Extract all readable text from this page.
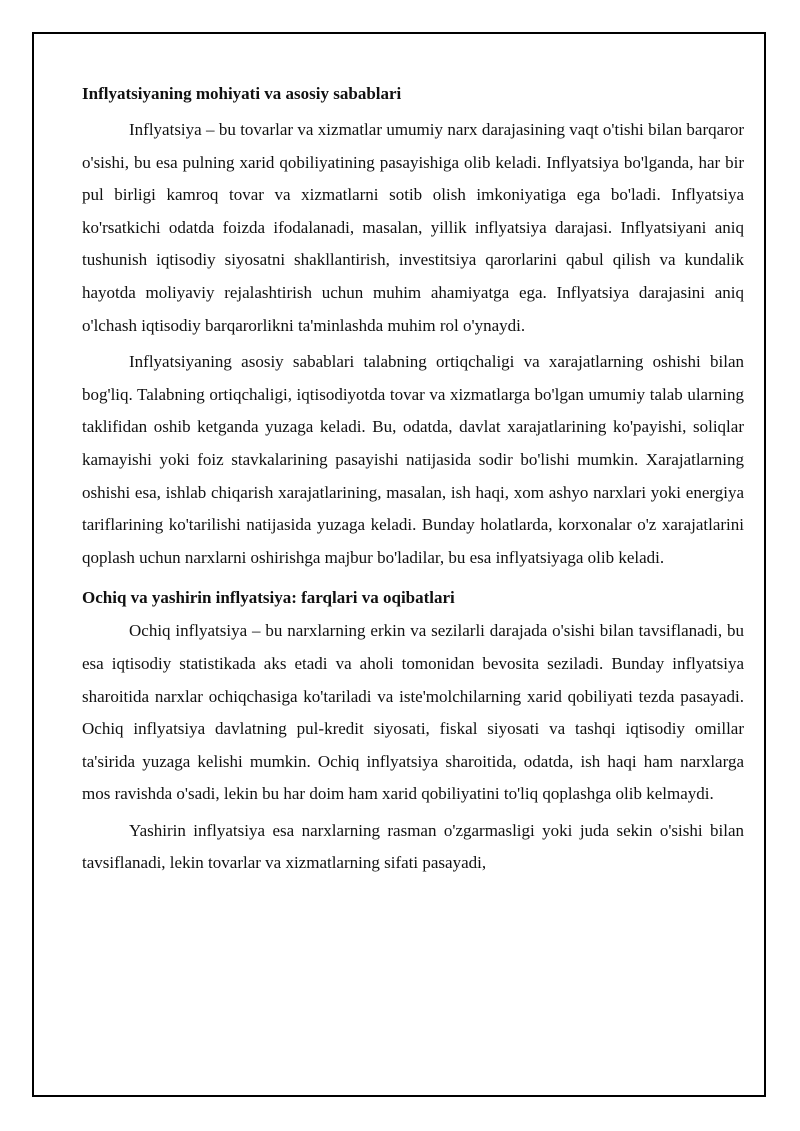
Inflyatsiyaning mohiyati va asosiy sabablari

Inflyatsiya – bu tovarlar va xizmatlar umumiy narx darajasining vaqt o'tishi bilan barqaror o'sishi, bu esa pulning xarid qobiliyatining pasayishiga olib keladi. Inflyatsiya bo'lganda, har bir pul birligi kamroq tovar va xizmatlarni sotib olish imkoniyatiga ega bo'ladi. Inflyatsiya ko'rsatkichi odatda foizda ifodalanadi, masalan, yillik inflyatsiya darajasi. Inflyatsiyani aniq tushunish iqtisodiy siyosatni shakllantirish, investitsiya qarorlarini qabul qilish va kundalik hayotda moliyaviy rejalashtirish uchun muhim ahamiyatga ega. Inflyatsiya darajasini aniq o'lchash iqtisodiy barqarorlikni ta'minlashda muhim rol o'ynaydi.

Inflyatsiyaning asosiy sabablari talabning ortiqchaligi va xarajatlarning oshishi bilan bog'liq. Talabning ortiqchaligi, iqtisodiyotda tovar va xizmatlarga bo'lgan umumiy talab ularning taklifidan oshib ketganda yuzaga keladi. Bu, odatda, davlat xarajatlarining ko'payishi, soliqlar kamayishi yoki foiz stavkalarining pasayishi natijasida sodir bo'lishi mumkin. Xarajatlarning oshishi esa, ishlab chiqarish xarajatlarining, masalan, ish haqi, xom ashyo narxlari yoki energiya tariflarining ko'tarilishi natijasida yuzaga keladi. Bunday holatlarda, korxonalar o'z xarajatlarini qoplash uchun narxlarni oshirishga majbur bo'ladilar, bu esa inflyatsiyaga olib keladi.

Ochiq va yashirin inflyatsiya: farqlari va oqibatlari

Ochiq inflyatsiya – bu narxlarning erkin va sezilarli darajada o'sishi bilan tavsiflanadi, bu esa iqtisodiy statistikada aks etadi va aholi tomonidan bevosita seziladi. Bunday inflyatsiya sharoitida narxlar ochiqchasiga ko'tariladi va iste'molchilarning xarid qobiliyati tezda pasayadi. Ochiq inflyatsiya davlatning pul-kredit siyosati, fiskal siyosati va tashqi iqtisodiy omillar ta'sirida yuzaga kelishi mumkin. Ochiq inflyatsiya sharoitida, odatda, ish haqi ham narxlarga mos ravishda o'sadi, lekin bu har doim ham xarid qobiliyatini to'liq qoplashga olib kelmaydi.

Yashirin inflyatsiya esa narxlarning rasman o'zgarmasligi yoki juda sekin o'sishi bilan tavsiflanadi, lekin tovarlar va xizmatlarning sifati pasayadi,
